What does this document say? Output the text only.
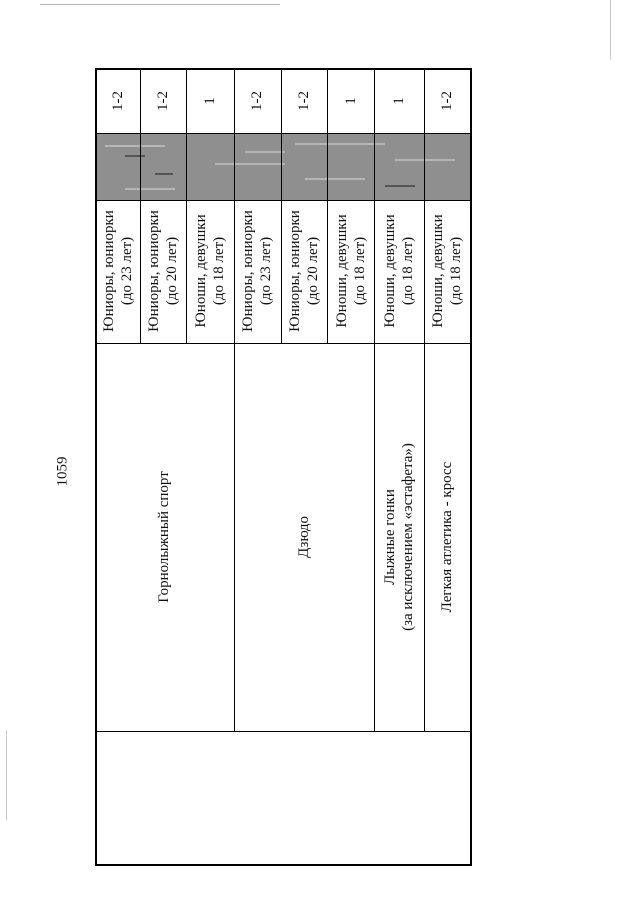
1059
1-2 1-2 1
Юниоры, юниорки (до 23 лет) Юниоры, юниорки (до 20 лет) Юноши, девушки (до 18 лет)
Горнолыжный спорт
1-2 1-2 1
Юниоры, юниорки (до 23 лет) Юниоры, юниорки (до 20 лет) Юноши, девушки (до 18 лет)
Дзюдо
1
Юноши, девушки (до 18 лет)
Лыжные гонки (за исключением «эстафета»)
1-2
Юноши, девушки (до 18 лет)
Легкая атлетика - кросс
